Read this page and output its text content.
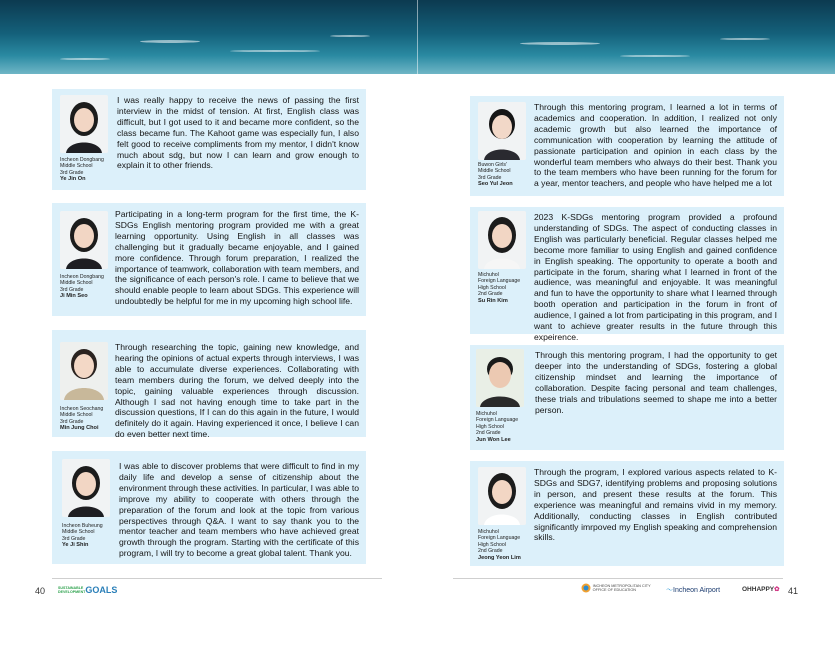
Incheon Dongbang
Middle School
3rd Grade
Ye Jin On
I was really happy to receive the news of passing the first interview in the midst of tension. At first, English class was difficult, but I got used to it and became more confident, so the class became fun. The Kahoot game was especially fun, I also felt good to receive compliments from my mentor, I didn't know much about sdg, but now I can learn and grow enough to explain it to other friends.
Incheon Dongbang
Middle School
3rd Grade
Ji Min Seo
Participating in a long-term program for the first time, the K-SDGs English mentoring program provided me with a great learning opportunity. Using English in all classes was challenging but it gradually became enjoyable, and I gained more confidence. Through forum preparation, I realized the importance of teamwork, collaboration with team members, and the significance of each person's role. I came to believe that we should enable people to learn about SDGs. This experience will undoubtedly be helpful for me in my upcoming high school life.
Incheon Seochang
Middle School
3rd Grade
Min Jung Choi
Through researching the topic, gaining new knowledge, and hearing the opinions of actual experts through interviews, I was able to accumulate diverse experiences. Collaborating with team members during the forum, we delved deeply into the topic, gaining valuable experiences through discussion. Although I sad not having enough time to take part in the discussion questions, If I can do this again in the future, I would definitely do it again. Having experienced it once, I believe I can do even better next time.
Incheon Buheung
Middle School
3rd Grade
Ye Ji Shin
I was able to discover problems that were difficult to find in my daily life and develop a sense of citizenship about the environment through these activities. In particular, I was able to improve my ability to cooperate with others through the preparation of the forum and look at the topic from various perspectives through Q&A. I want to say thank you to the mentor teacher and team members who have achieved great growth through the program. Starting with the certificate of this program, I will try to become a great global talent. Thank you.
Buwon Girls'
Middle School
3rd Grade
Seo Yul Jeon
Through this mentoring program, I learned a lot in terms of academics and cooperation. In addition, I realized not only academic growth but also learned the importance of communication with cooperation by learning the attitude of passionate participation and opinion in each class by the wonderful team members who always do their best. Thank you to the team members who have been running for the forum for a year, mentor teachers, and people who have helped me a lot
Michuhol
Foreign Language
High School
2nd Grade
Su Rin Kim
2023 K-SDGs mentoring program provided a profound understanding of SDGs. The aspect of conducting classes in English was particularly beneficial. Regular classes helped me become more familiar to using English and gained confidence in English speaking. The opportunity to operate a booth and participate in the forum, sharing what I learned in front of the audience, was meaningful and enjoyable. It was meaningful and fun to have the opportunity to share what I learned through booth operation and participation in the forum in front of audience, I gained a lot from participating in this program, and I want to achieve greater results in the future through this expeirence.
Michuhol
Foreign Language
High School
2nd Grade
Jun Won Lee
Through this mentoring program, I had the opportunity to get deeper into the understanding of SDGs, fostering a global citizenship mindset and learning the importance of collaboration. Despite facing personal and team challenges, these trials and tribulations seemed to shape me into a better person.
Michuhol
Foreign Language
High School
2nd Grade
Jeong Yeon Lim
Through the program, I explored various aspects related to K-SDGs and SDG7, identifying problems and proposing solutions in person, and present these results at the forum. This experience was meaningful and remains vivid in my memory. Additionally, conducting classes in English contributed significantly imrpoved my English speaking and comprehension skills.
40	SUSTAINABLE
DEVELOPMENT GOALS	INCHEON METROPOLITAN CITY
OFFICE OF EDUCATION	〜Incheon Airport	OHHAPPY✿ 41
